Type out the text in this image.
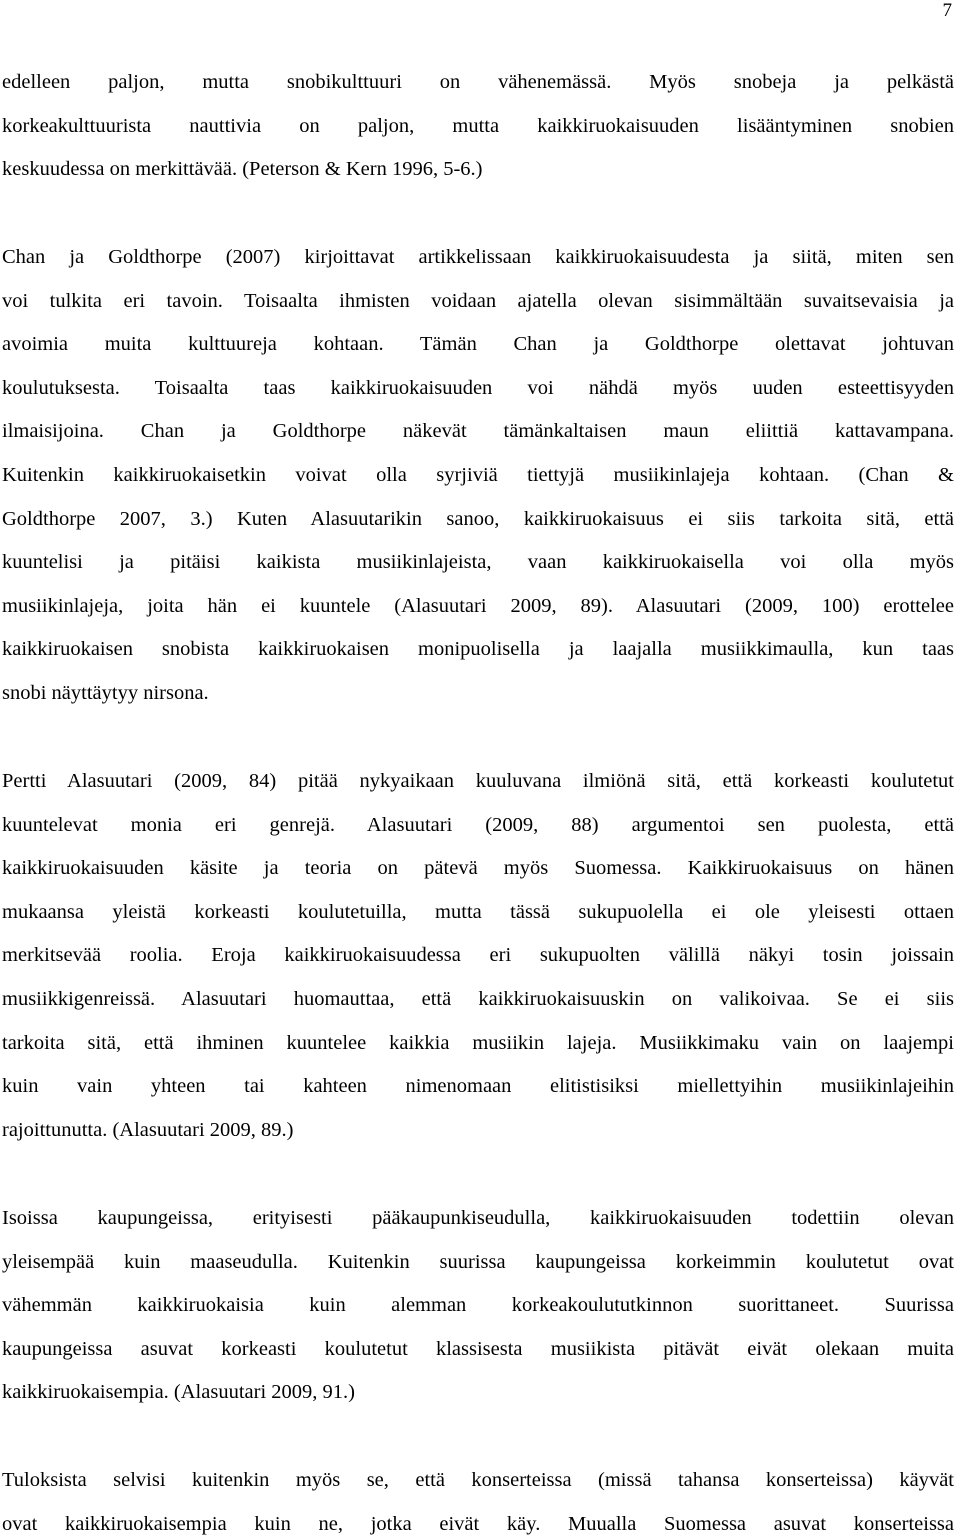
7
edelleen paljon, mutta snobikulttuuri on vähenemässä. Myös snobeja ja pelkästä
korkeakulttuurista nauttivia on paljon, mutta kaikkiruokaisuuden lisääntyminen snobien
keskuudessa on merkittävää. (Peterson & Kern 1996, 5-6.)
Chan ja Goldthorpe (2007) kirjoittavat artikkelissaan kaikkiruokaisuudesta ja siitä, miten sen
voi tulkita eri tavoin. Toisaalta ihmisten voidaan ajatella olevan sisimmältään suvaitsevaisia ja
avoimia muita kulttuureja kohtaan. Tämän Chan ja Goldthorpe olettavat johtuvan
koulutuksesta. Toisaalta taas kaikkiruokaisuuden voi nähdä myös uuden esteettisyyden
ilmaisijoina. Chan ja Goldthorpe näkevät tämänkaltaisen maun eliittiä kattavampana.
Kuitenkin kaikkiruokaisetkin voivat olla syrjiviä tiettyjä musiikinlajeja kohtaan. (Chan &
Goldthorpe 2007, 3.) Kuten Alasuutarikin sanoo, kaikkiruokaisuus ei siis tarkoita sitä, että
kuuntelisi ja pitäisi kaikista musiikinlajeista, vaan kaikkiruokaisella voi olla myös
musiikinlajeja, joita hän ei kuuntele (Alasuutari 2009, 89). Alasuutari (2009, 100) erottelee
kaikkiruokaisen snobista kaikkiruokaisen monipuolisella ja laajalla musiikkimaulla, kun taas
snobi näyttäytyy nirsona.
Pertti Alasuutari (2009, 84) pitää nykyaikaan kuuluvana ilmiönä sitä, että korkeasti koulutetut
kuuntelevat monia eri genrejä. Alasuutari (2009, 88) argumentoi sen puolesta, että
kaikkiruokaisuuden käsite ja teoria on pätevä myös Suomessa. Kaikkiruokaisuus on hänen
mukaansa yleistä korkeasti koulutetuilla, mutta tässä sukupuolella ei ole yleisesti ottaen
merkitsevää roolia. Eroja kaikkiruokaisuudessa eri sukupuolten välillä näkyi tosin joissain
musiikkigenreissä. Alasuutari huomauttaa, että kaikkiruokaisuuskin on valikoivaa. Se ei siis
tarkoita sitä, että ihminen kuuntelee kaikkia musiikin lajeja. Musiikkimaku vain on laajempi
kuin vain yhteen tai kahteen nimenomaan elitistisiksi miellettyihin musiikinlajeihin
rajoittunutta. (Alasuutari 2009, 89.)
Isoissa kaupungeissa, erityisesti pääkaupunkiseudulla, kaikkiruokaisuuden todettiin olevan
yleisempää kuin maaseudulla. Kuitenkin suurissa kaupungeissa korkeimmin koulutetut ovat
vähemmän kaikkiruokaisia kuin alemman korkeakoulututkinnon suorittaneet. Suurissa
kaupungeissa asuvat korkeasti koulutetut klassisesta musiikista pitävät eivät olekaan muita
kaikkiruokaisempia. (Alasuutari 2009, 91.)
Tuloksista selvisi kuitenkin myös se, että konserteissa (missä tahansa konserteissa) käyvät
ovat kaikkiruokaisempia kuin ne, jotka eivät käy. Muualla Suomessa asuvat konserteissa
